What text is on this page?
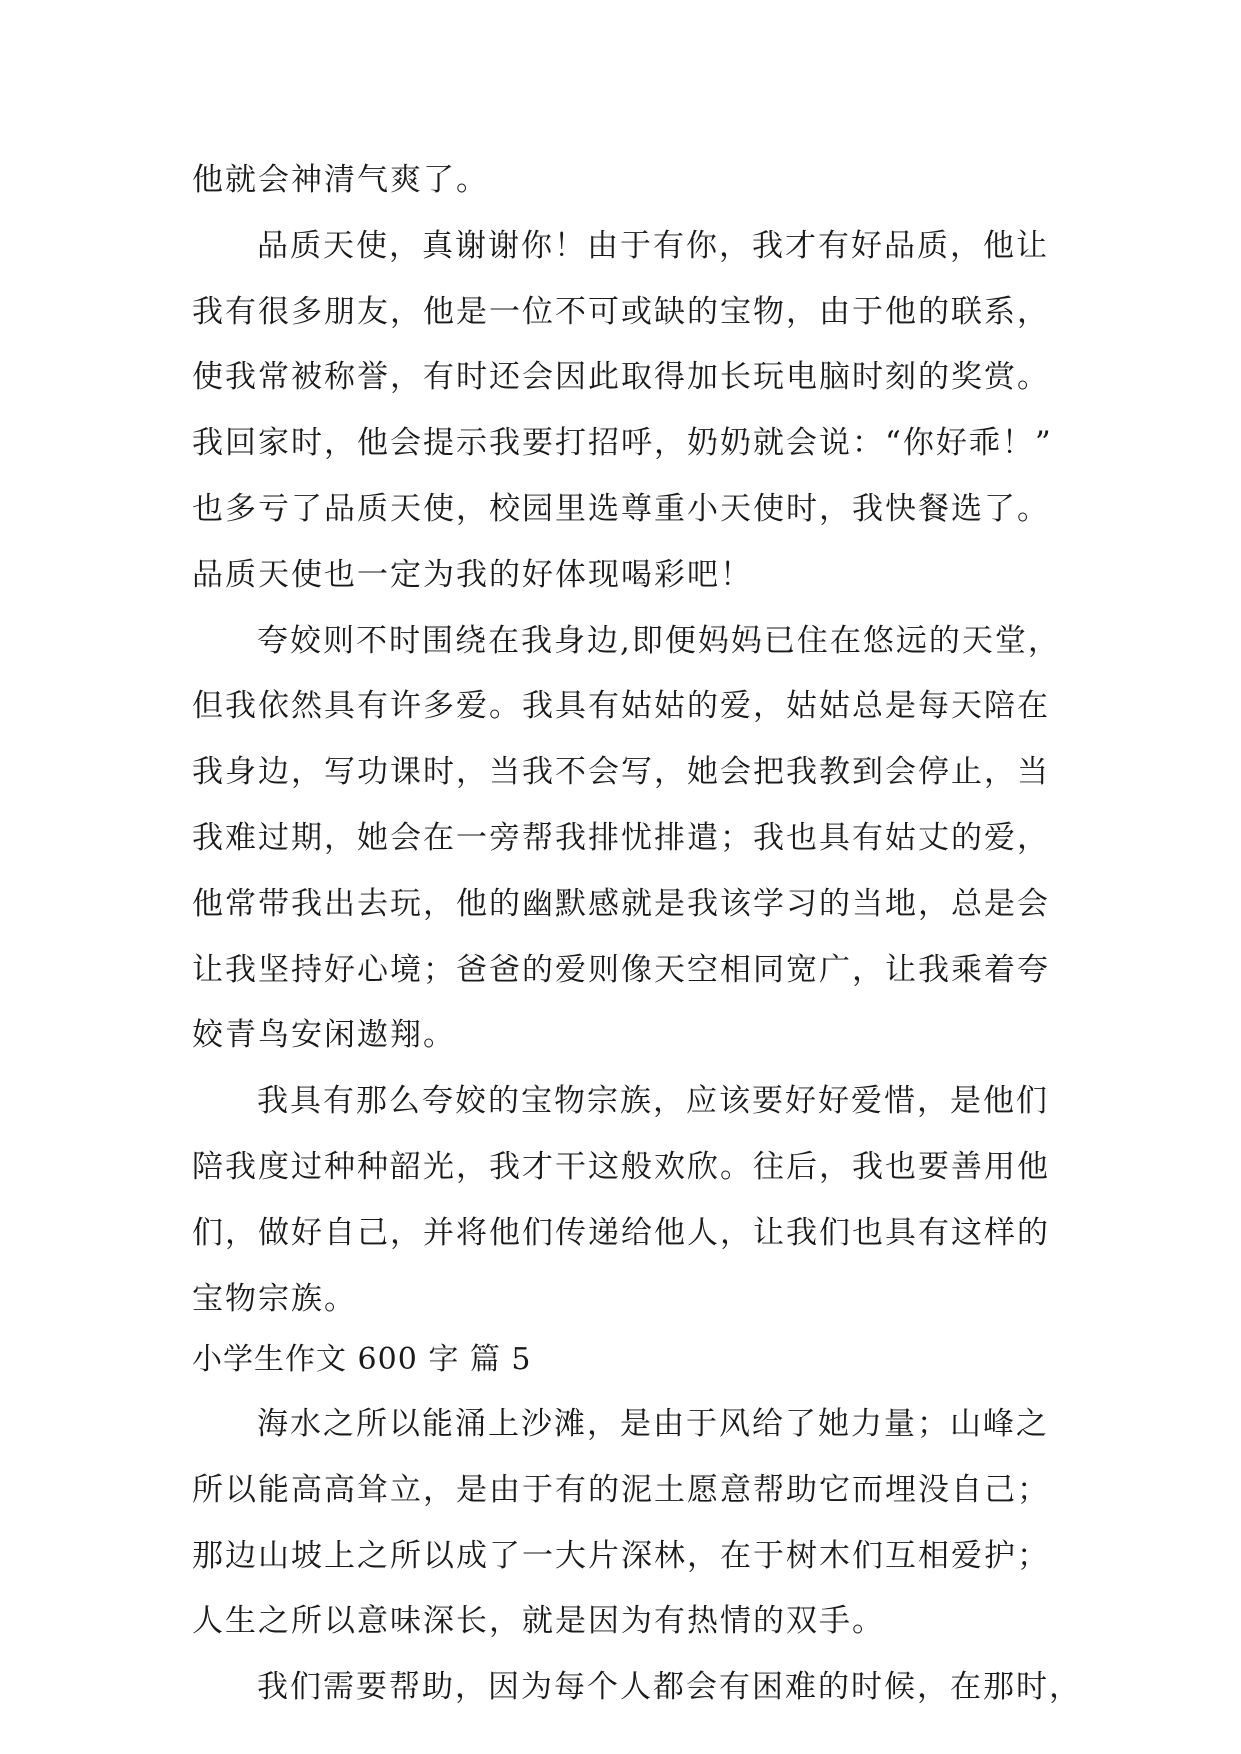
他就会神清气爽了。
品质天使，真谢谢你！由于有你，我才有好品质，他让
我有很多朋友，他是一位不可或缺的宝物，由于他的联系，
使我常被称誉，有时还会因此取得加长玩电脑时刻的奖赏。
我回家时，他会提示我要打招呼，奶奶就会说：“你好乖！”
也多亏了品质天使，校园里选尊重小天使时，我快餐选了。
品质天使也一定为我的好体现喝彩吧！
夸姣则不时围绕在我身边,即便妈妈已住在悠远的天堂，
但我依然具有许多爱。我具有姑姑的爱，姑姑总是每天陪在
我身边，写功课时，当我不会写，她会把我教到会停止，当
我难过期，她会在一旁帮我排忧排遣；我也具有姑丈的爱，
他常带我出去玩，他的幽默感就是我该学习的当地，总是会
让我坚持好心境；爸爸的爱则像天空相同宽广，让我乘着夸
姣青鸟安闲遨翔。
我具有那么夸姣的宝物宗族，应该要好好爱惜，是他们
陪我度过种种韶光，我才干这般欢欣。往后，我也要善用他
们，做好自己，并将他们传递给他人，让我们也具有这样的
宝物宗族。
小学生作文 600 字 篇 5
海水之所以能涌上沙滩，是由于风给了她力量；山峰之
所以能高高耸立，是由于有的泥土愿意帮助它而埋没自己；
那边山坡上之所以成了一大片深林，在于树木们互相爱护；
人生之所以意味深长，就是因为有热情的双手。
我们需要帮助，因为每个人都会有困难的时候，在那时，
